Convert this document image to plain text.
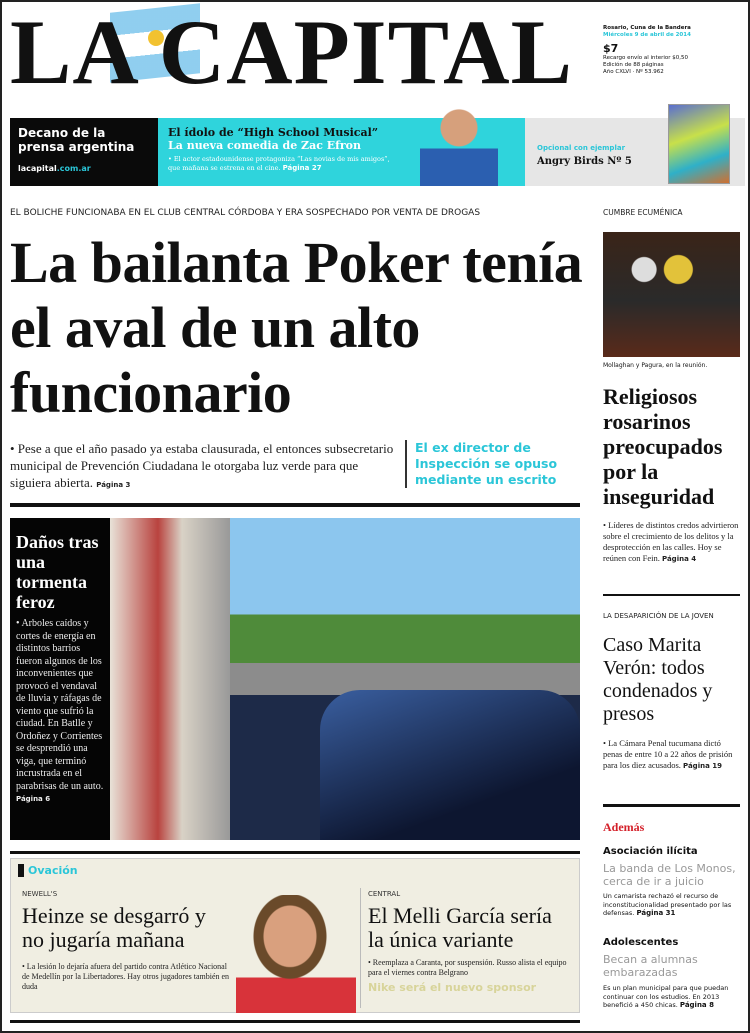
LA CAPITAL	Rosario, Cuna de la Bandera
Miércoles 9 de abril de 2014
$7
Recargo envío al interior $0,50
Edición de 88 páginas
Año CXLVI · Nº 53.962
Decano de la prensa argentina
lacapital.com.ar
El ídolo de “High School Musical”
La nueva comedia de Zac Efron
• El actor estadounidense protagoniza “Las novias de mis amigos”, que mañana se estrena en el cine. Página 27
Opcional con ejemplar
Angry Birds Nº 5
EL BOLICHE FUNCIONABA EN EL CLUB CENTRAL CÓRDOBA Y ERA SOSPECHADO POR VENTA DE DROGAS
La bailanta Poker tenía el aval de un alto funcionario
• Pese a que el año pasado ya estaba clausurada, el entonces subsecretario municipal de Prevención Ciudadana le otorgaba luz verde para que siguiera abierta. Página 3
El ex director de Inspección se opuso mediante un escrito
Daños tras una tormenta feroz
• Arboles caídos y cortes de energía en distintos barrios fueron algunos de los inconvenientes que provocó el vendaval de lluvia y ráfagas de viento que sufrió la ciudad. En Batlle y Ordoñez y Corrientes se desprendió una viga, que terminó incrustrada en el parabrisas de un auto. Página 6
Ovación
NEWELL'S
Heinze se desgarró y no jugaría mañana
• La lesión lo dejaría afuera del partido contra Atlético Nacional de Medellín por la Libertadores. Hay otros jugadores también en duda
CENTRAL
El Melli García sería la única variante
• Reemplaza a Caranta, por suspensión. Russo alista el equipo para el viernes contra Belgrano
Nike será el nuevo sponsor
CUMBRE ECUMÉNICA
Mollaghan y Pagura, en la reunión.
Religiosos rosarinos preocupados por la inseguridad
• Líderes de distintos credos advirtieron sobre el crecimiento de los delitos y la desprotección en las calles. Hoy se reúnen con Fein. Página 4
LA DESAPARICIÓN DE LA JOVEN
Caso Marita Verón: todos condenados y presos
• La Cámara Penal tucumana dictó penas de entre 10 a 22 años de prisión para los diez acusados. Página 19
Además
Asociación ilícita
La banda de Los Monos, cerca de ir a juicio
Un camarista rechazó el recurso de inconstitucionalidad presentado por las defensas. Página 31
Adolescentes
Becan a alumnas embarazadas
Es un plan municipal para que puedan continuar con los estudios. En 2013 benefició a 450 chicas. Página 8
